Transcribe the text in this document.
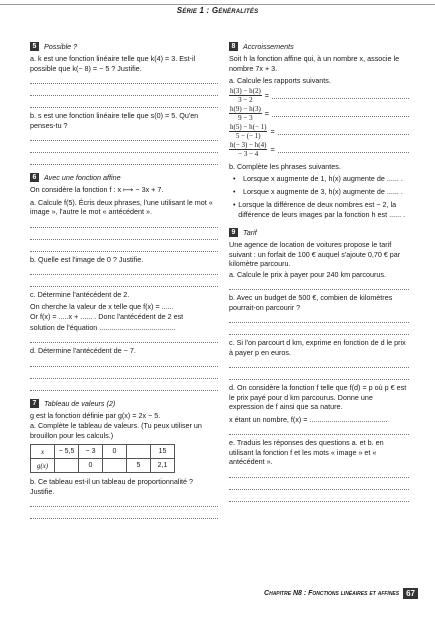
Série 1 : Généralités
5	Possible ?

a. k est une fonction linéaire telle que k(4) = 3. Est-il possible que k(− 8) = − 5 ? Justifie.

b. s est une fonction linéaire telle que s(0) = 5. Qu'en penses-tu ?

6	Avec une fonction affine

On considère la fonction f : x ⟼ − 3x + 7.

a. Calcule f(5). Écris deux phrases, l'une utilisant le mot « image », l'autre le mot « antécédent ».

b. Quelle est l'image de 0 ? Justifie.

c. Détermine l'antécédent de 2.

On cherche la valeur de x telle que f(x) = ......

Or f(x) = .....x + ...... . Donc l'antécédent de 2 est

solution de l'équation ......................................

d. Détermine l'antécédent de − 7.

7	Tableau de valeurs (2)

g est la fonction définie par g(x) = 2x − 5.

a. Complète le tableau de valeurs. (Tu peux utiliser un brouillon pour les calculs.)

x	− 5,5	− 3	0		15
g(x)		0		5	2,1

b. Ce tableau est-il un tableau de proportionnalité ? Justifie.

8	Accroissements

Soit h la fonction affine qui, à un nombre x, associe le nombre 7x + 3.

a. Calcule les rapports suivants.

$\frac{h(3) - h(2)}{3 - 2}$ =
$\frac{h(9) - h(3)}{9 - 3}$ =
$\frac{h(5) - h(- 1)}{5 - (- 1)}$ =
$\frac{h(- 3) - h(4)}{- 3 - 4}$ =

b. Complète les phrases suivantes.

•	Lorsque x augmente de 1, h(x) augmente de ...... .
•	Lorsque x augmente de 3, h(x) augmente de ...... .
• Lorsque la différence de deux nombres est − 2, la différence de leurs images par la fonction h est ...... .
9	Tarif

Une agence de location de voitures propose le tarif suivant : un forfait de 100 € auquel s'ajoute 0,70 € par kilomètre parcouru.

a. Calcule le prix à payer pour 240 km parcourus.

b. Avec un budget de 500 €, combien de kilomètres pourrait-on parcourir ?

c. Si l'on parcourt d km, exprime en fonction de d le prix à payer p en euros.

d. On considère la fonction f telle que f(d) = p où p € est le prix payé pour d km parcourus. Donne une expression de f ainsi que sa nature.

x étant un nombre, f(x) = .......................................

e. Traduis les réponses des questions a. et b. en utilisant la fonction f et les mots « image » et « antécédent ».

Chapitre N8 : Fonctions linéaires et affines 67
